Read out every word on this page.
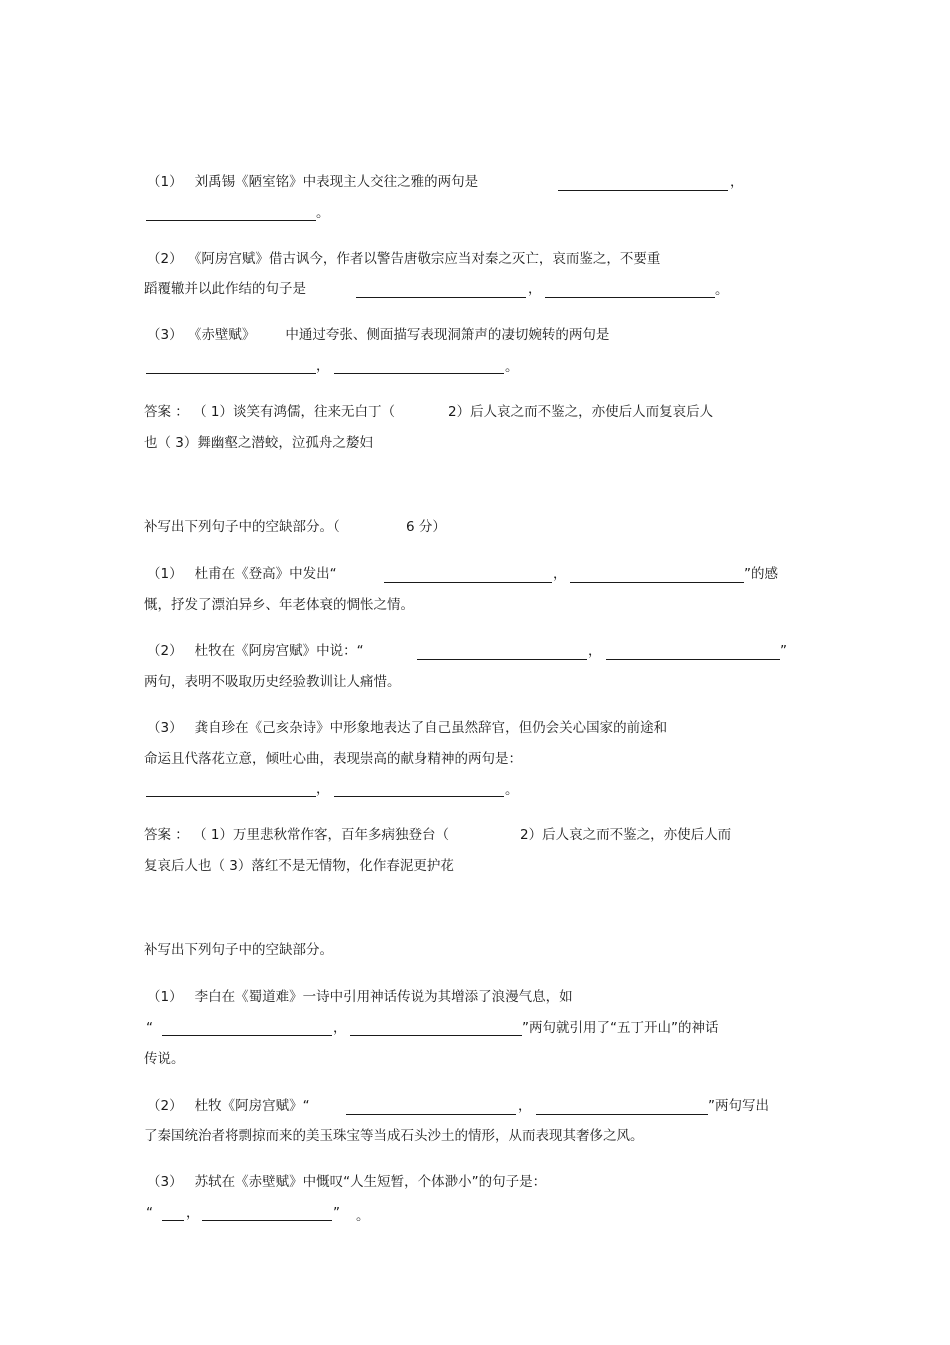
（1） 刘禹锡《陋室铭》中表现主人交往之雅的两句是	，
。
（2） 《阿房宫赋》借古讽今，作者以警告唐敬宗应当对秦之灭亡，哀而鉴之，不要重
蹈覆辙并以此作结的句子是	，	。
（3） 《赤壁赋》 中通过夸张、侧面描写表现洞箫声的凄切婉转的两句是
，	。
答案 ： （ 1）谈笑有鸿儒，往来无白丁（	2）后人哀之而不鉴之，亦使后人而复哀后人
也（ 3）舞幽壑之潜蛟，泣孤舟之嫠妇
补写出下列句子中的空缺部分。（	6 分）
（1） 杜甫在《登高》中发出“	，	”的感
慨，抒发了漂泊异乡、年老体衰的惆怅之情。
（2） 杜牧在《阿房宫赋》中说：“	，	”
两句，表明不吸取历史经验教训让人痛惜。
（3） 龚自珍在《己亥杂诗》中形象地表达了自己虽然辞官，但仍会关心国家的前途和
命运且代落花立意，倾吐心曲，表现崇高的献身精神的两句是：
，	。
答案 ： （ 1）万里悲秋常作客，百年多病独登台（	2）后人哀之而不鉴之，亦使后人而
复哀后人也（ 3）落红不是无情物，化作春泥更护花
补写出下列句子中的空缺部分。
（1） 李白在《蜀道难》一诗中引用神话传说为其增添了浪漫气息，如
“	，	”两句就引用了“五丁开山”的神话
传说。
（2） 杜牧《阿房宫赋》“	，	”两句写出
了秦国统治者将剽掠而来的美玉珠宝等当成石头沙土的情形，从而表现其奢侈之风。
（3） 苏轼在《赤壁赋》中慨叹“人生短暂，个体渺小”的句子是：
“ ，	” 。
